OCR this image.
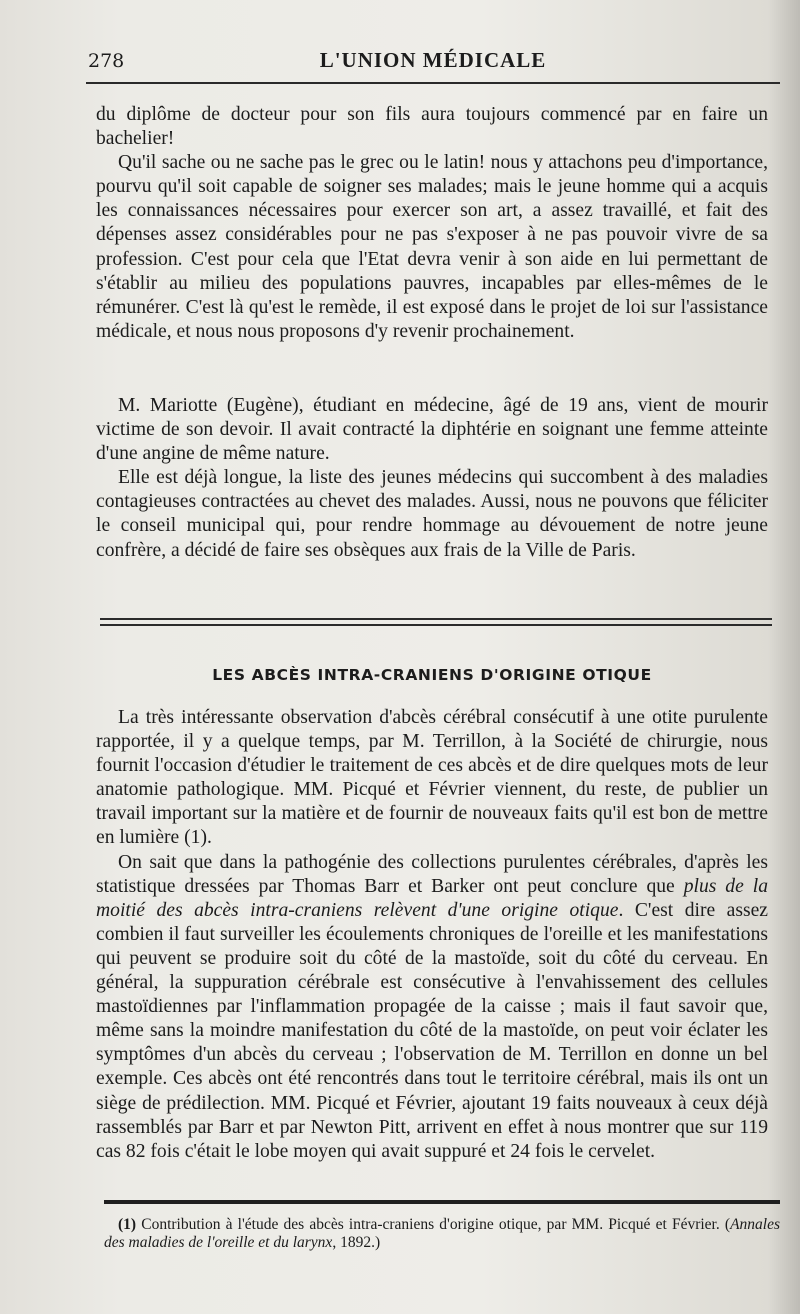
278	L'UNION MÉDICALE

du diplôme de docteur pour son fils aura toujours commencé par en faire un bachelier!

Qu'il sache ou ne sache pas le grec ou le latin! nous y attachons peu d'importance, pourvu qu'il soit capable de soigner ses malades; mais le jeune homme qui a acquis les connaissances nécessaires pour exercer son art, a assez travaillé, et fait des dépenses assez considérables pour ne pas s'exposer à ne pas pouvoir vivre de sa profession. C'est pour cela que l'Etat devra venir à son aide en lui permettant de s'établir au milieu des populations pauvres, incapables par elles-mêmes de le rémunérer. C'est là qu'est le remède, il est exposé dans le projet de loi sur l'assistance médicale, et nous nous proposons d'y revenir prochainement.

M. Mariotte (Eugène), étudiant en médecine, âgé de 19 ans, vient de mourir victime de son devoir. Il avait contracté la diphtérie en soignant une femme atteinte d'une angine de même nature.

Elle est déjà longue, la liste des jeunes médecins qui succombent à des maladies contagieuses contractées au chevet des malades. Aussi, nous ne pouvons que féliciter le conseil municipal qui, pour rendre hommage au dévouement de notre jeune confrère, a décidé de faire ses obsèques aux frais de la Ville de Paris.

LES ABCÈS INTRA-CRANIENS D'ORIGINE OTIQUE

La très intéressante observation d'abcès cérébral consécutif à une otite purulente rapportée, il y a quelque temps, par M. Terrillon, à la Société de chirurgie, nous fournit l'occasion d'étudier le traitement de ces abcès et de dire quelques mots de leur anatomie pathologique. MM. Picqué et Février viennent, du reste, de publier un travail important sur la matière et de fournir de nouveaux faits qu'il est bon de mettre en lumière (1).

On sait que dans la pathogénie des collections purulentes cérébrales, d'après les statistique dressées par Thomas Barr et Barker ont peut conclure que plus de la moitié des abcès intra-craniens relèvent d'une origine otique. C'est dire assez combien il faut surveiller les écoulements chroniques de l'oreille et les manifestations qui peuvent se produire soit du côté de la mastoïde, soit du côté du cerveau. En général, la suppuration cérébrale est consécutive à l'envahissement des cellules mastoïdiennes par l'inflammation propagée de la caisse ; mais il faut savoir que, même sans la moindre manifestation du côté de la mastoïde, on peut voir éclater les symptômes d'un abcès du cerveau ; l'observation de M. Terrillon en donne un bel exemple. Ces abcès ont été rencontrés dans tout le territoire cérébral, mais ils ont un siège de prédilection. MM. Picqué et Février, ajoutant 19 faits nouveaux à ceux déjà rassemblés par Barr et par Newton Pitt, arrivent en effet à nous montrer que sur 119 cas 82 fois c'était le lobe moyen qui avait suppuré et 24 fois le cervelet.

(1) Contribution à l'étude des abcès intra-craniens d'origine otique, par MM. Picqué et Février. (Annales des maladies de l'oreille et du larynx, 1892.)
